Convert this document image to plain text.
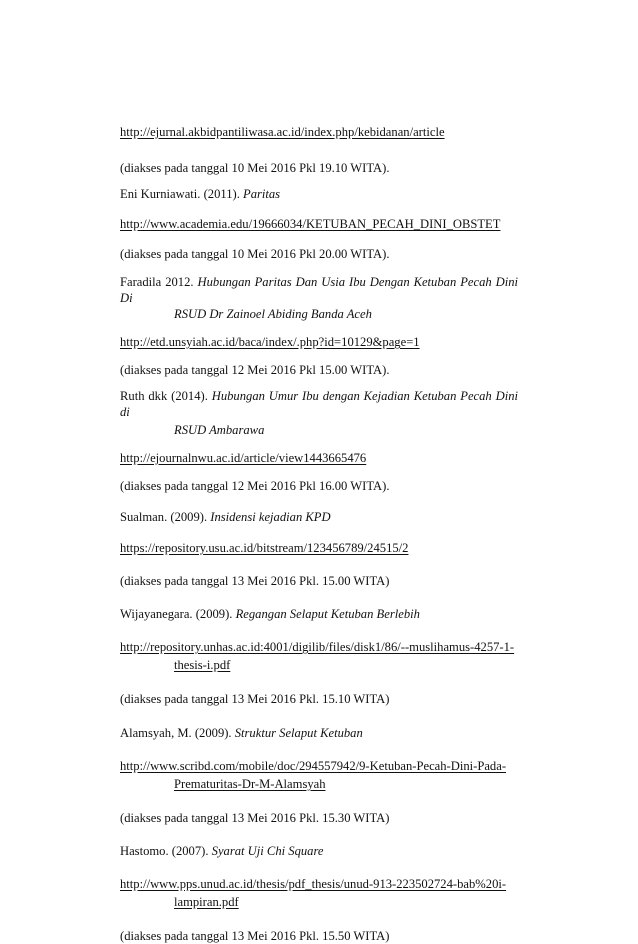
http://ejurnal.akbidpantiliwasa.ac.id/index.php/kebidanan/article

(diakses pada tanggal 10 Mei 2016 Pkl 19.10 WITA).

Eni Kurniawati. (2011). Paritas

http://www.academia.edu/19666034/KETUBAN_PECAH_DINI_OBSTET

(diakses pada tanggal 10 Mei 2016 Pkl 20.00 WITA).

Faradila 2012. Hubungan Paritas Dan Usia Ibu Dengan Ketuban Pecah Dini Di

RSUD Dr Zainoel Abiding Banda Aceh

http://etd.unsyiah.ac.id/baca/index/.php?id=10129&page=1

(diakses pada tanggal 12 Mei 2016 Pkl 15.00 WITA).

Ruth dkk (2014). Hubungan Umur Ibu dengan Kejadian Ketuban Pecah Dini di

RSUD Ambarawa

http://ejournalnwu.ac.id/article/view1443665476

(diakses pada tanggal 12 Mei 2016 Pkl 16.00 WITA).

Sualman. (2009). Insidensi kejadian KPD

https://repository.usu.ac.id/bitstream/123456789/24515/2

(diakses pada tanggal 13 Mei 2016 Pkl. 15.00 WITA)

Wijayanegara. (2009). Regangan Selaput Ketuban Berlebih

http://repository.unhas.ac.id:4001/digilib/files/disk1/86/--muslihamus-4257-1-

thesis-i.pdf

(diakses pada tanggal 13 Mei 2016 Pkl. 15.10 WITA)

Alamsyah, M. (2009). Struktur Selaput Ketuban

http://www.scribd.com/mobile/doc/294557942/9-Ketuban-Pecah-Dini-Pada-

Prematuritas-Dr-M-Alamsyah

(diakses pada tanggal 13 Mei 2016 Pkl. 15.30 WITA)

Hastomo. (2007). Syarat Uji Chi Square

http://www.pps.unud.ac.id/thesis/pdf_thesis/unud-913-223502724-bab%20i-

lampiran.pdf

(diakses pada tanggal 13 Mei 2016 Pkl. 15.50 WITA)
